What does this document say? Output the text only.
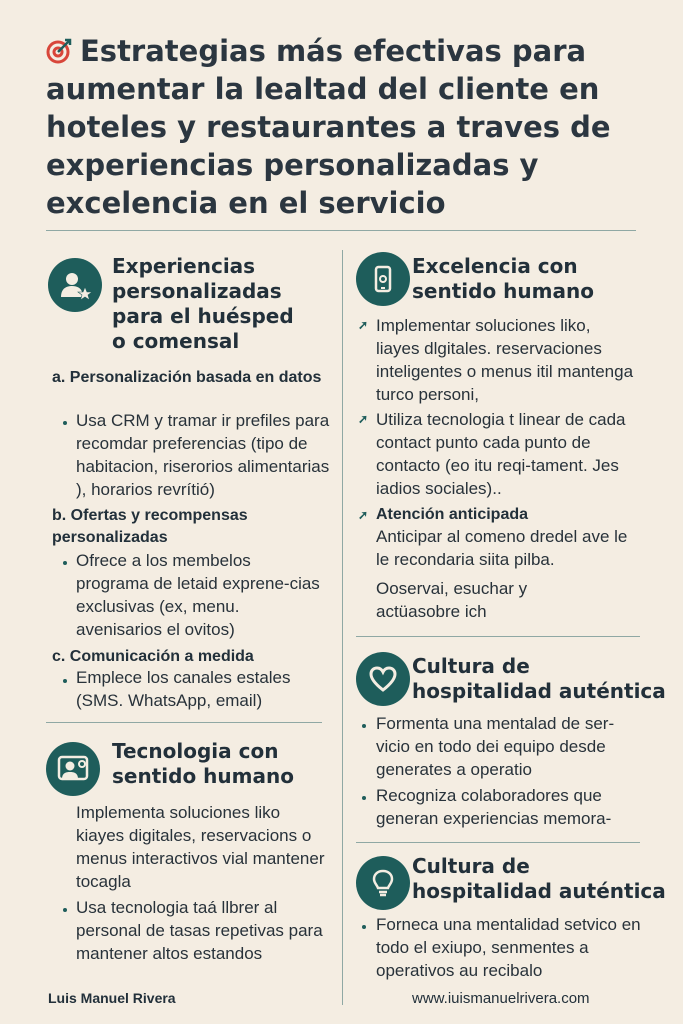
Estrategias más efectivas para aumentar la lealtad del cliente en hoteles y restaurantes a traves de experiencias personalizadas y excelencia en el servicio
Experiencias personalizadas para el huésped o comensal
a. Personalización basada en datos
Usa CRM y tramar ir prefiles para recomdar preferencias (tipo de habitacion, riserorios alimentarias ), horarios revrítió)
b. Ofertas y recompensas personalizadas
Ofrece a los membelos programa de letaid exprene-cias exclusivas (ex, menu. avenisarios el ovitos)
c. Comunicación a medida
Emplece los canales estales (SMS. WhatsApp, email)
Tecnologia con sentido humano
Implementa soluciones liko kiayes digitales, reservacions o menus interactivos vial mantener tocagla
Usa tecnologia taá llbrer al personal de tasas repetivas para mantener altos estandos
Excelencia con sentido humano
➚ Implementar soluciones liko, liayes dlgitales. reservaciones inteligentes o menus itil mantenga turco personi,
➚ Utiliza tecnologia t linear de cada contact punto cada punto de contacto (eo itu reqi-tament. Jes iadios sociales)..
➚ Atención anticipada
Anticipar al comeno dredel ave le le recondaria siita pilba.
Ooservai, esuchar y actüasobre ich
Cultura de hospitalidad auténtica
Formenta una mentalad de ser-vicio en todo dei equipo desde generates a operatio
Recogniza colaboradores que generan experiencias memora-
Cultura de hospitalidad auténtica
Forneca una mentalidad setvico en todo el exiupo, senmentes a operativos au recibalo
Luis Manuel Rivera	www.iuismanuelrivera.com
